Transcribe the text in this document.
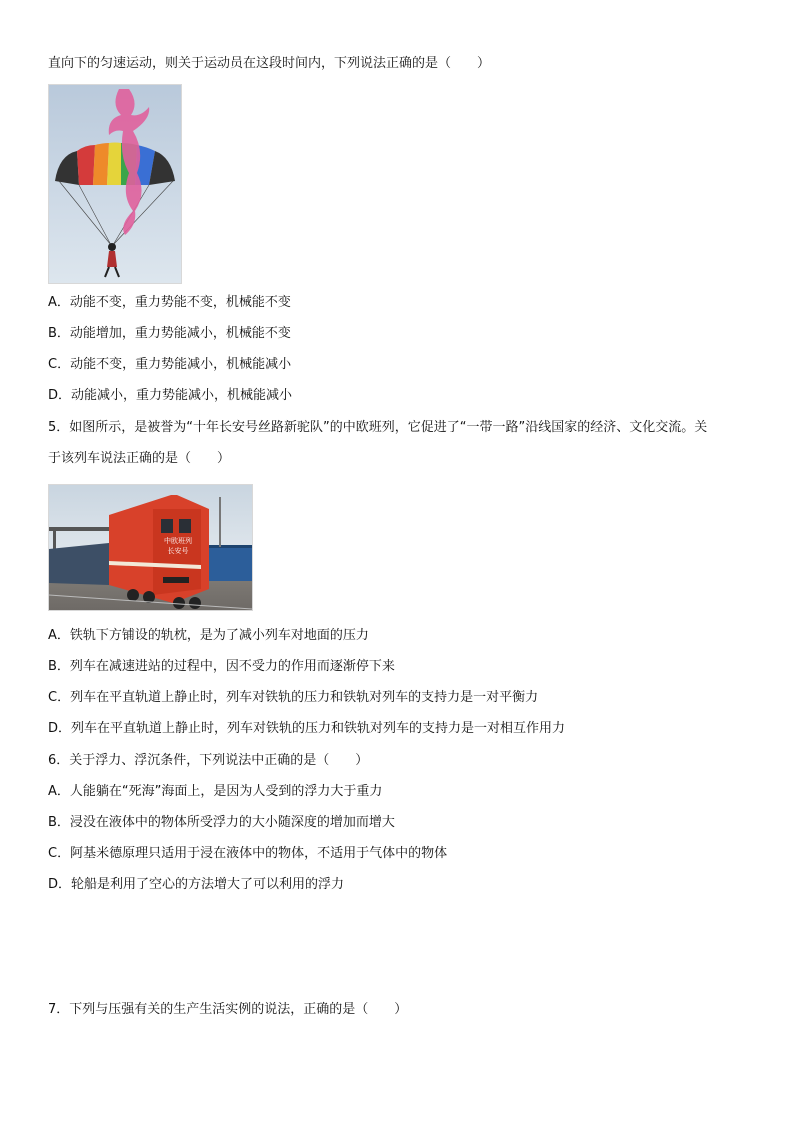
直向下的匀速运动，则关于运动员在这段时间内，下列说法正确的是（　　）
A．动能不变，重力势能不变，机械能不变
B．动能增加，重力势能减小，机械能不变
C．动能不变，重力势能减小，机械能减小
D．动能减小，重力势能减小，机械能减小
5．如图所示，是被誉为“十年长安号丝路新驼队”的中欧班列，它促进了“一带一路”沿线国家的经济、文化交流。关
于该列车说法正确的是（　　）
中欧班列
长安号
A．铁轨下方铺设的轨枕，是为了减小列车对地面的压力
B．列车在减速进站的过程中，因不受力的作用而逐渐停下来
C．列车在平直轨道上静止时，列车对铁轨的压力和铁轨对列车的支持力是一对平衡力
D．列车在平直轨道上静止时，列车对铁轨的压力和铁轨对列车的支持力是一对相互作用力
6．关于浮力、浮沉条件，下列说法中正确的是（　　）
A．人能躺在“死海”海面上，是因为人受到的浮力大于重力
B．浸没在液体中的物体所受浮力的大小随深度的增加而增大
C．阿基米德原理只适用于浸在液体中的物体，不适用于气体中的物体
D．轮船是利用了空心的方法增大了可以利用的浮力
7．下列与压强有关的生产生活实例的说法，正确的是（　　）
